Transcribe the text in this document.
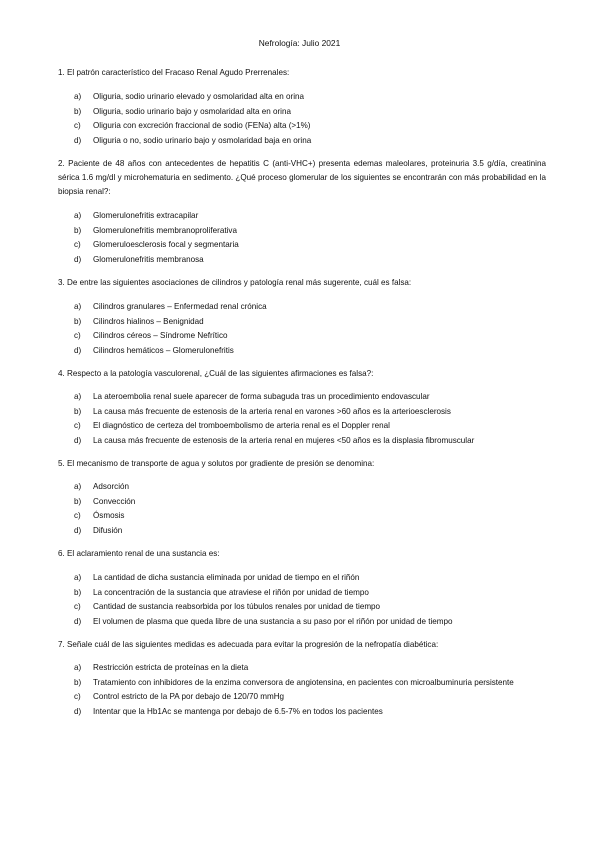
Nefrología: Julio 2021
1. El patrón característico del Fracaso Renal Agudo Prerrenales:
a)	Oliguria, sodio urinario elevado y osmolaridad alta en orina
b)	Oliguria, sodio urinario bajo y osmolaridad alta en orina
c)	Oliguria con excreción fraccional de sodio (FENa) alta (>1%)
d)	Oliguria o no, sodio urinario bajo y osmolaridad baja en orina
2. Paciente de 48 años con antecedentes de hepatitis C (anti-VHC+) presenta edemas maleolares, proteinuria 3.5 g/día, creatinina sérica 1.6 mg/dl y microhematuria en sedimento. ¿Qué proceso glomerular de los siguientes se encontrarán con más probabilidad en la biopsia renal?:
a)	Glomerulonefritis extracapilar
b)	Glomerulonefritis membranoproliferativa
c)	Glomeruloesclerosis focal y segmentaria
d)	Glomerulonefritis membranosa
3. De entre las siguientes asociaciones de cilindros y patología renal más sugerente, cuál es falsa:
a)	Cilindros granulares – Enfermedad renal crónica
b)	Cilindros hialinos – Benignidad
c)	Cilindros céreos – Síndrome Nefrítico
d)	Cilindros hemáticos – Glomerulonefritis
4. Respecto a la patología vasculorenal, ¿Cuál de las siguientes afirmaciones es falsa?:
a)	La ateroembolia renal suele aparecer de forma subaguda tras un procedimiento endovascular
b)	La causa más frecuente de estenosis de la arteria renal en varones >60 años es la arterioesclerosis
c)	El diagnóstico de certeza del tromboembolismo de arteria renal es el Doppler renal
d)	La causa más frecuente de estenosis de la arteria renal en mujeres <50 años es la displasia fibromuscular
5. El mecanismo de transporte de agua y solutos por gradiente de presión se denomina:
a)	Adsorción
b)	Convección
c)	Ósmosis
d)	Difusión
6. El aclaramiento renal de una sustancia es:
a)	La cantidad de dicha sustancia eliminada por unidad de tiempo en el riñón
b)	La concentración de la sustancia que atraviese el riñón por unidad de tiempo
c)	Cantidad de sustancia reabsorbida por los túbulos renales por unidad de tiempo
d)	El volumen de plasma que queda libre de una sustancia a su paso por el riñón por unidad de tiempo
7. Señale cuál de las siguientes medidas es adecuada para evitar la progresión de la nefropatía diabética:
a)	Restricción estricta de proteínas en la dieta
b)	Tratamiento con inhibidores de la enzima conversora de angiotensina, en pacientes con microalbuminuria persistente
c)	Control estricto de la PA por debajo de 120/70 mmHg
d)	Intentar que la Hb1Ac se mantenga por debajo de 6.5-7% en todos los pacientes
